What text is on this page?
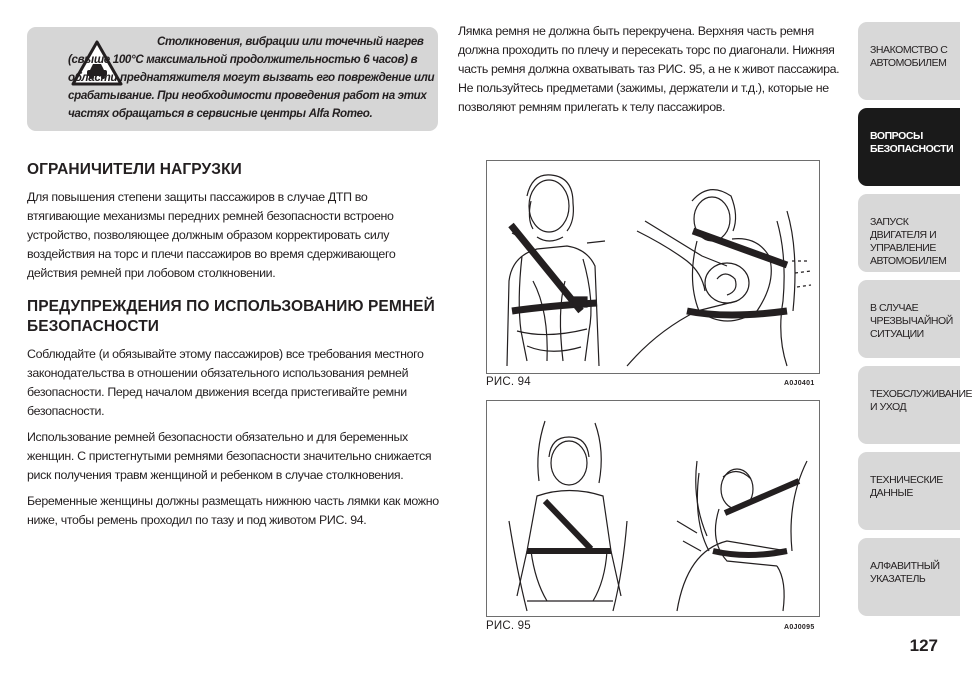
Столкновения, вибрации или точечный нагрев (свыше 100°C максимальной продолжительностью 6 часов) в области преднатяжителя могут вызвать его повреждение или срабатывание. При необходимости проведения работ на этих частях обращаться в сервисные центры Alfa Romeo.

Лямка ремня не должна быть перекручена. Верхняя часть ремня должна проходить по плечу и пересекать торс по диагонали. Нижняя часть ремня должна охватывать таз РИС. 95, а не к живот пассажира. Не пользуйтесь предметами (зажимы, держатели и т.д.), которые не позволяют ремням прилегать к телу пассажиров.

ОГРАНИЧИТЕЛИ НАГРУЗКИ

Для повышения степени защиты пассажиров в случае ДТП во втягивающие механизмы передних ремней безопасности встроено устройство, позволяющее должным образом корректировать силу воздействия на торс и плечи пассажиров во время сдерживающего действия ремней при лобовом столкновении.

ПРЕДУПРЕЖДЕНИЯ ПО ИСПОЛЬЗОВАНИЮ РЕМНЕЙ БЕЗОПАСНОСТИ

Соблюдайте (и обязывайте этому пассажиров) все требования местного законодательства в отношении обязательного использования ремней безопасности. Перед началом движения всегда пристегивайте ремни безопасности.

Использование ремней безопасности обязательно и для беременных женщин. С пристегнутыми ремнями безопасности значительно снижается риск получения травм женщиной и ребенком в случае столкновения.

Беременные женщины должны размещать нижнюю часть лямки как можно ниже, чтобы ремень проходил по тазу и под животом РИС. 94.

РИС. 94	A0J0401
РИС. 95	A0J0095
ЗНАКОМСТВО С АВТОМОБИЛЕМ
ВОПРОСЫ БЕЗОПАСНОСТИ
ЗАПУСК ДВИГАТЕЛЯ И УПРАВЛЕНИЕ АВТОМОБИЛЕМ
В СЛУЧАЕ ЧРЕЗВЫЧАЙНОЙ СИТУАЦИИ
ТЕХОБСЛУЖИВАНИЕ И УХОД
ТЕХНИЧЕСКИЕ ДАННЫЕ
АЛФАВИТНЫЙ УКАЗАТЕЛЬ
127
